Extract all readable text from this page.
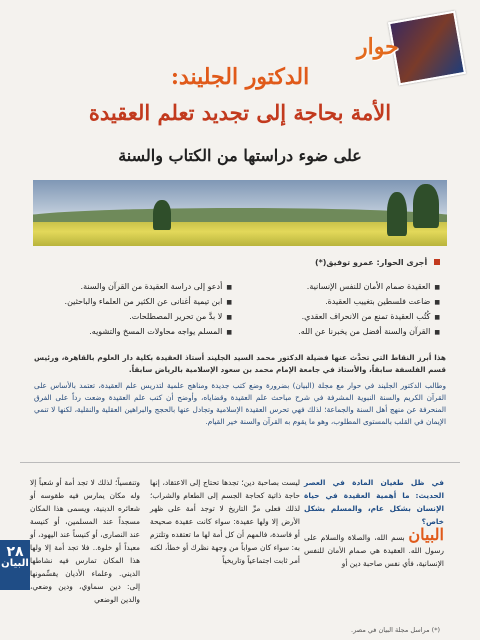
حوار
الدكتور الجليند:
الأمة بحاجة إلى تجديد تعلم العقيدة
على ضوء دراستها من الكتاب والسنة
أجرى الحوار: عمرو توفيق(*)
■ العقيدة صمام الأمان للنفس الإنسانية.
■ ضاعت فلسطين بتغييب العقيدة.
■ كُتُب العقيدة تمنع من الانحراف العقدي.
■ القرآن والسنة أفضل من يخبرنا عن الله.
■ أدعو إلى دراسة العقيدة من القرآن والسنة.
■ ابن تيمية أغنانى عن الكثير من العلماء والباحثين.
■ لا بدَّ من تحرير المصطلحات.
■ المسلم يواجه محاولات المسخ والتشويه.
هذا أبرز النقاط التي تحدَّث عنها فضيلة الدكتور محمد السيد الجليند أستاذ العقيدة بكلية دار العلوم بالقاهرة، ورئيس قسم الفلسفة سابقاً، والأستاذ في جامعة الإمام محمد بن سعود الإسلامية بالرياض سابقاً.
وطالب الدكتور الجليند في حوار مع مجلة (البيان) بضرورة وضع كتب جديدة ومناهج علمية لتدريس علم العقيدة، تعتمد بالأساس على القرآن الكريم والسنة النبوية المشرفة في شرح مباحث علم العقيدة وقضاياه، وأوضح أن كتب علم العقيدة وضعت رداً على الفرق المنحرفة عن منهج أهل السنة والجماعة؛ لذلك فهي تحرس العقيدة الإسلامية وتجادل عنها بالحجج والبراهين العقلية والنقلية، لكنها لا تنمي الإيمان في القلب بالمستوى المطلوب، وهو ما يقوم به القرآن والسنة خير القيام.
في ظل طغيان المادة في العصر الحديث: ما أهمية العقيدة في حياة الإنسان بشكل عام، والمسلم بشكل خاص؟
البيان بسم الله، والصلاة والسلام على رسول الله. العقيدة هي صمام الأمان للنفس الإنسانية، فأي نفس صاحبة دين أو
ليست بصاحبة دين؛ تجدها تحتاج إلى الاعتقاد، إنها حاجة ذاتية كحاجة الجسم إلى الطعام والشراب؛ لذلك فعلى مرِّ التاريخ لا توجد أمة على ظهر الأرض إلا ولها عقيدة: سواء كانت عقيدة صحيحة أو فاسدة، فالمهم أن كل أمة لها ما تعتقده وتلتزم به: سواء كان صواباً من وجهة نظرك أو خطأ، لكنه أمر ثابت اجتماعياً وتاريخياً
وتنفسياً؛ لذلك لا تجد أمة أو شعباً إلا وله مكان يمارس فيه طقوسه أو شعائره الدينية، ويسمى هذا المكان مسجداً عند المسلمين، أو كنيسة عند النصارى، أو كنيساً عند اليهود، أو معبداً أو خلوة.. فلا تجد أمة إلا ولها هذا المكان تمارس فيه نشاطها الديني. وعلماء الأديان يقسِّمونها إلى: دين سماوي، ودين وضعي، والدين الوضعي
٢٨
البيان
(*) مراسل مجلة البيان في مصر.
